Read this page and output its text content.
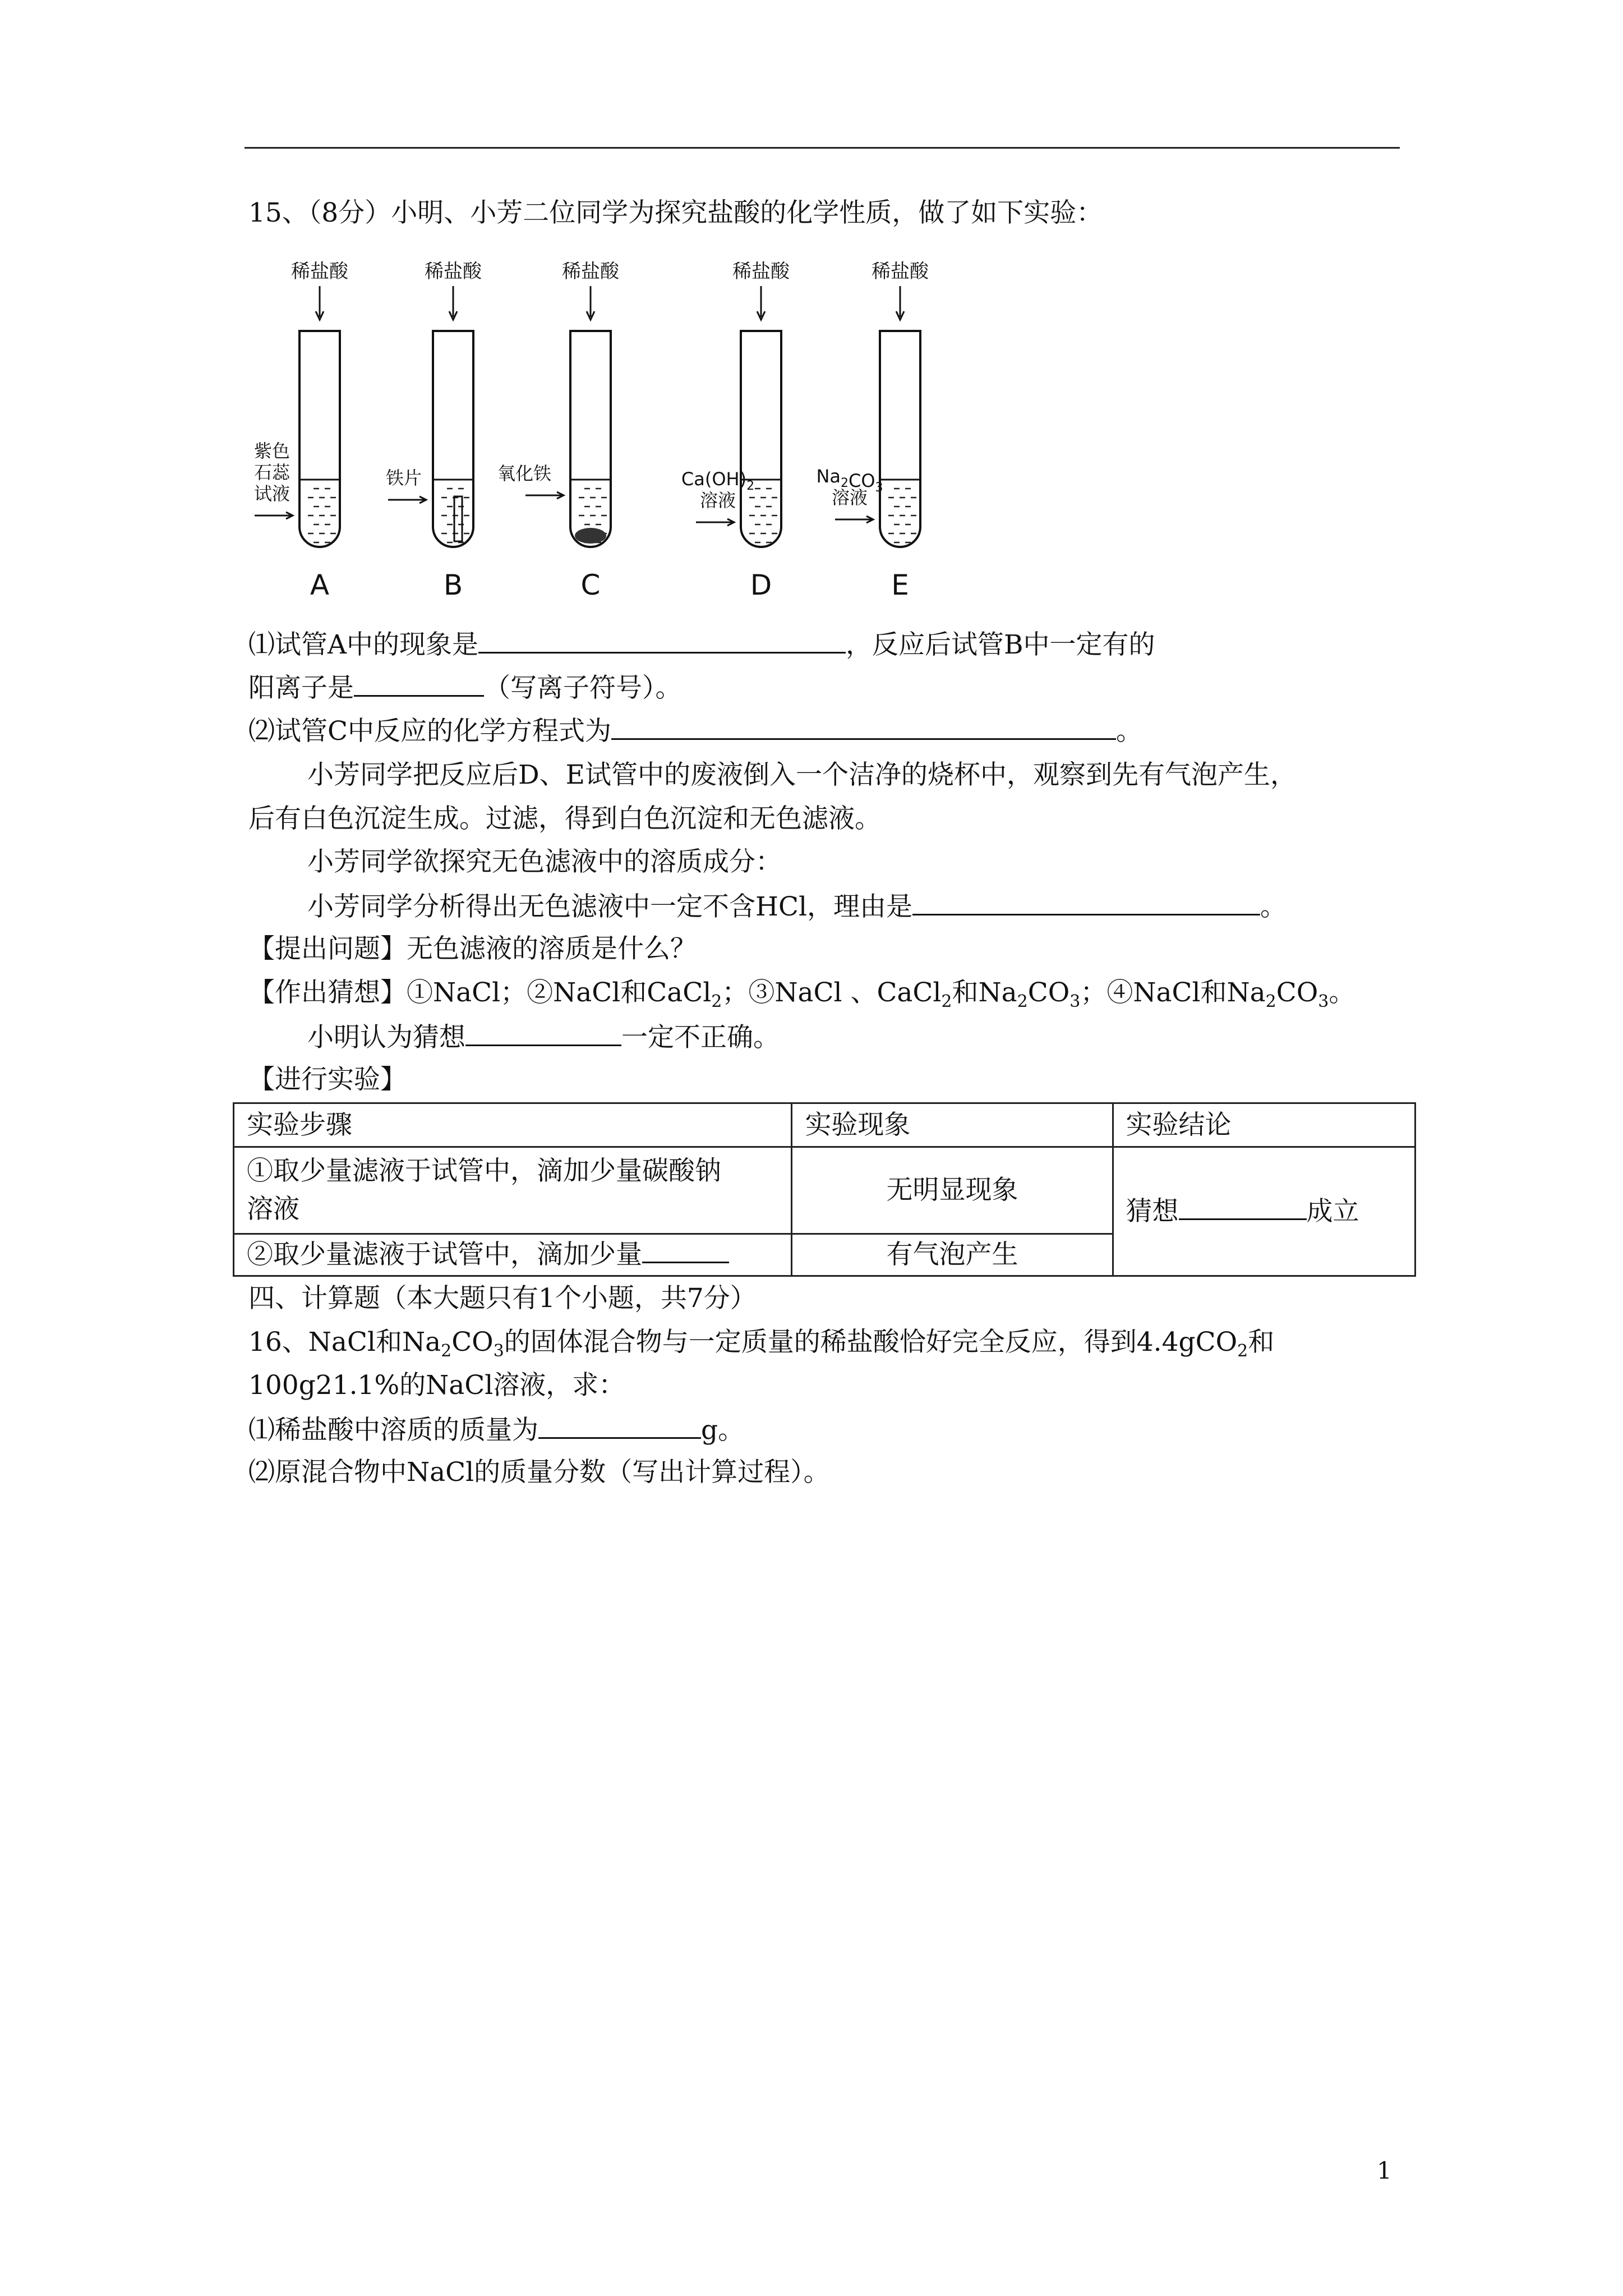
15、（8分）小明、小芳二位同学为探究盐酸的化学性质，做了如下实验：
稀盐酸
A
紫色
石蕊
试液
稀盐酸
B
铁片
稀盐酸
C
氧化铁
稀盐酸
D
$Ca(OH)_2$
溶液
稀盐酸
E
$Na_2CO_3$
溶液
⑴试管A中的现象是	，反应后试管B中一定有的
阳离子是	（写离子符号）。
⑵试管C中反应的化学方程式为	。
小芳同学把反应后D、E试管中的废液倒入一个洁净的烧杯中，观察到先有气泡产生，
后有白色沉淀生成。过滤，得到白色沉淀和无色滤液。
小芳同学欲探究无色滤液中的溶质成分：
小芳同学分析得出无色滤液中一定不含HCl，理由是	。
【提出问题】无色滤液的溶质是什么？
【作出猜想】①NaCl；②NaCl和CaCl$_2$；③NaCl 、CaCl$_2$和$Na_2CO_3$；④NaCl和$Na_2CO_3$。
小明认为猜想	一定不正确。
【进行实验】
实验步骤	实验现象	实验结论

①取少量滤液于试管中，滴加少量碳酸钠
溶液	无明显现象	猜想 成立
②取少量滤液于试管中，滴加少量	有气泡产生	
四、计算题（本大题只有1个小题，共7分）
16、NaCl和$Na_2CO_3$的固体混合物与一定质量的稀盐酸恰好完全反应，得到4.4gCO$_2$和
100g21.1%的NaCl溶液，求：
⑴稀盐酸中溶质的质量为	g。
⑵原混合物中NaCl的质量分数（写出计算过程）。
1
